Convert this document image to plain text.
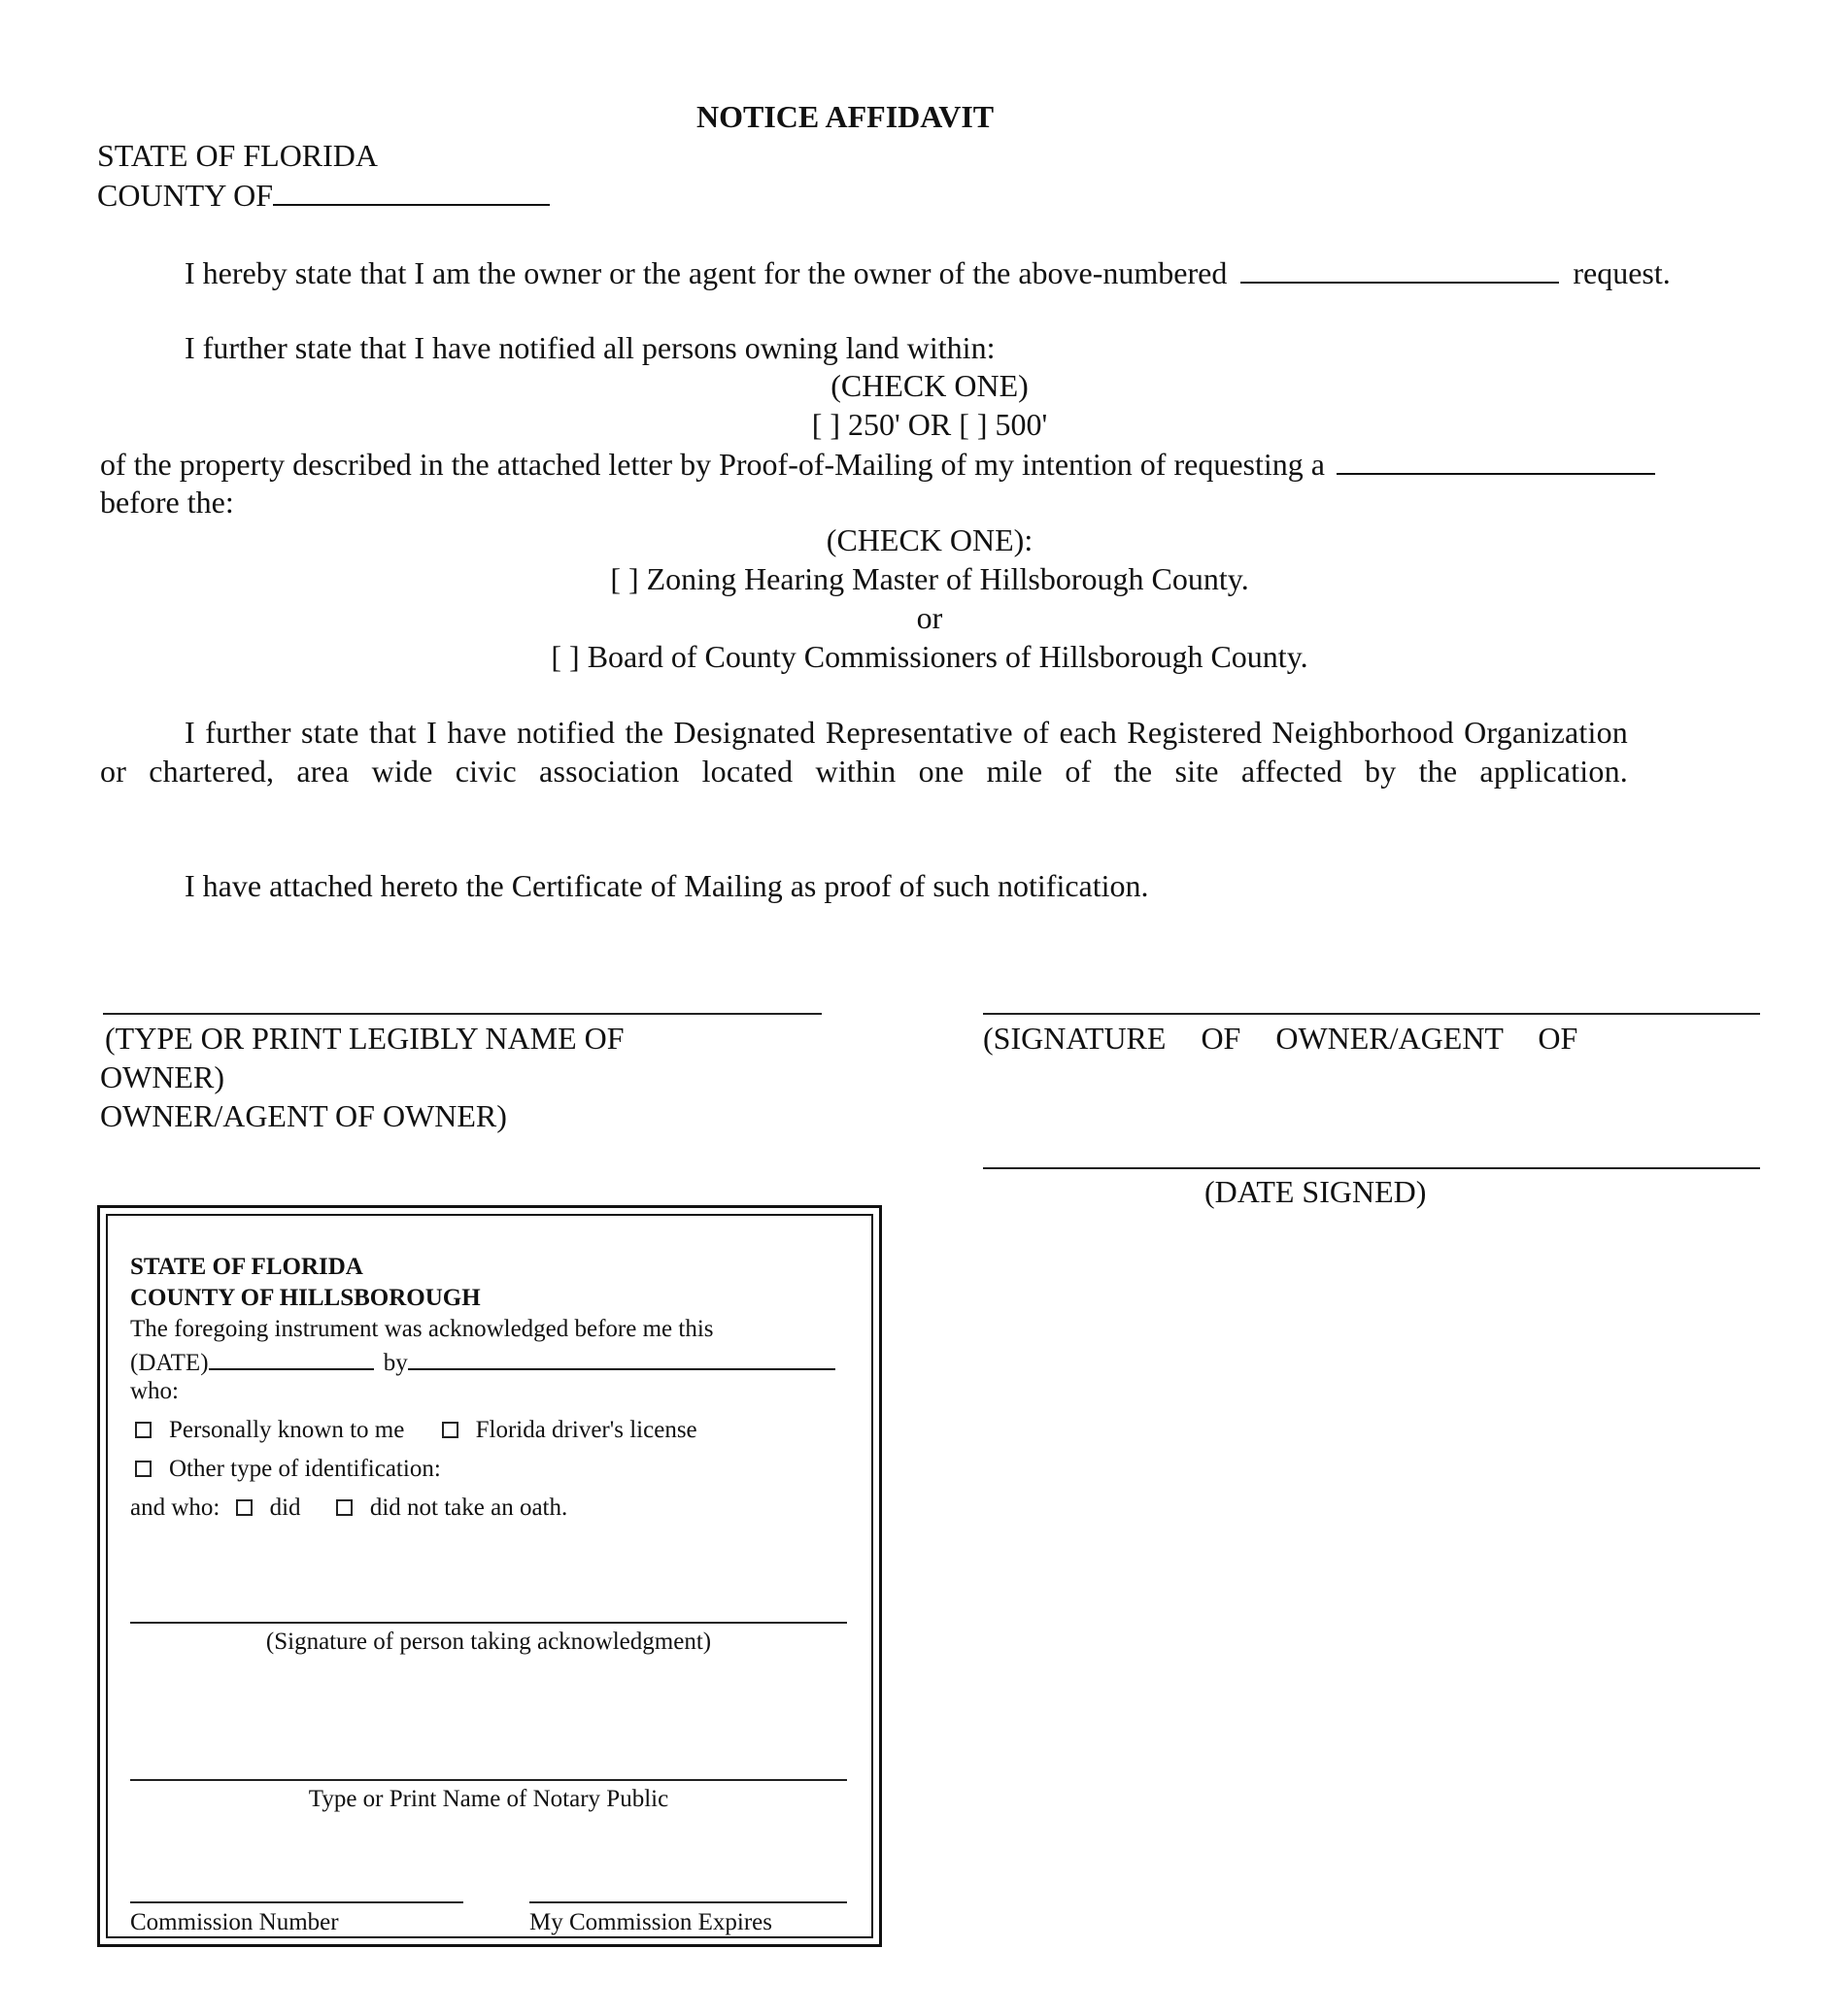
NOTICE AFFIDAVIT
STATE OF FLORIDA
COUNTY OF
I hereby state that I am the owner or the agent for the owner of the above-numbered	request.
I further state that I have notified all persons owning land within:
(CHECK ONE)
[ ] 250' OR [ ] 500'
of the property described in the attached letter by Proof-of-Mailing of my intention of requesting a
before the:
(CHECK ONE):
[ ] Zoning Hearing Master of Hillsborough County.
or
[ ] Board of County Commissioners of Hillsborough County.
I further state that I have notified the Designated Representative of each Registered Neighborhood Organization or chartered, area wide civic association located within one mile of the site affected by the application.
I have attached hereto the Certificate of Mailing as proof of such notification.
(TYPE OR PRINT LEGIBLY NAME OF
OWNER)
OWNER/AGENT OF OWNER)
(SIGNATURE OF OWNER/AGENT OF
(DATE SIGNED)
STATE OF FLORIDA
COUNTY OF HILLSBOROUGH
The foregoing instrument was acknowledged before me this
(DATE)	by
who:
Personally known to me	Florida driver's license
Other type of identification:
and who: did	did not take an oath.
(Signature of person taking acknowledgment)
Type or Print Name of Notary Public
Commission Number	My Commission Expires
